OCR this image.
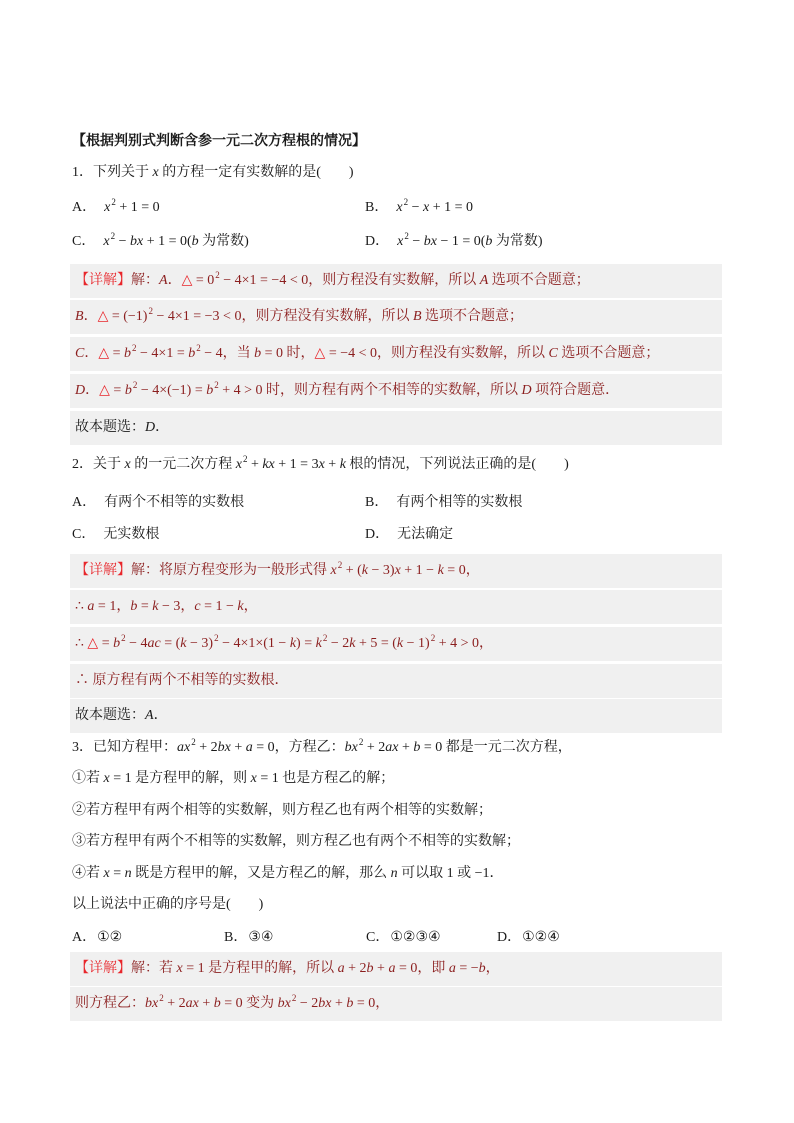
【根据判别式判断含参一元二次方程根的情况】
1．下列关于 x 的方程一定有实数解的是(　　)
A． $x^2 + 1 = 0$	B． $x^2 - x + 1 = 0$
C． $x^2$ − bx + 1 = 0(b 为常数)	D． $x^2$ − bx − 1 = 0(b 为常数)
【详解】解：A．△ = $0^2 - 4\times 1 = -4 < 0$，则方程没有实数解，所以 A 选项不合题意；
B．△ = $(-1)^2 - 4\times 1 = -3 < 0$，则方程没有实数解，所以 B 选项不合题意；
C．△ = $b^2 - 4\times 1 = b^2 - 4$，当 b = 0 时，△ = −4 < 0，则方程没有实数解，所以 C 选项不合题意；
D．△ = $b^2 - 4\times(-1) = b^2 + 4 > 0$ 时，则方程有两个不相等的实数解，所以 D 项符合题意．
故本题选：D．
2．关于 x 的一元二次方程 $x^2$ + kx + 1 = 3x + k 根的情况，下列说法正确的是(　　)
A． 有两个不相等的实数根	B． 有两个相等的实数根
C． 无实数根	D． 无法确定
【详解】解：将原方程变形为一般形式得 $x^2 + (k - 3)x + 1 - k = 0$，
∴ a = 1，b = k − 3，c = 1 − k，
∴ △ = $b^2 - 4ac = (k - 3)^2 - 4\times 1\times(1 - k) = k^2 - 2k + 5 = (k - 1)^2 + 4 > 0$，
∴ 原方程有两个不相等的实数根．
故本题选：A．
3．已知方程甲：$ax^2 + 2bx + a = 0$，方程乙：$bx^2 + 2ax + b = 0$ 都是一元二次方程，
①若 x = 1 是方程甲的解，则 x = 1 也是方程乙的解；
②若方程甲有两个相等的实数解，则方程乙也有两个相等的实数解；
③若方程甲有两个不相等的实数解，则方程乙也有两个不相等的实数解；
④若 x = n 既是方程甲的解，又是方程乙的解，那么 n 可以取 1 或 −1．
以上说法中正确的序号是(　　)
A．①②	B．③④	C．①②③④	D．①②④
【详解】解：若 x = 1 是方程甲的解，所以 a + 2b + a = 0，即 a = −b，
则方程乙：$bx^2 + 2ax + b = 0$ 变为 $bx^2 - 2bx + b = 0$，
